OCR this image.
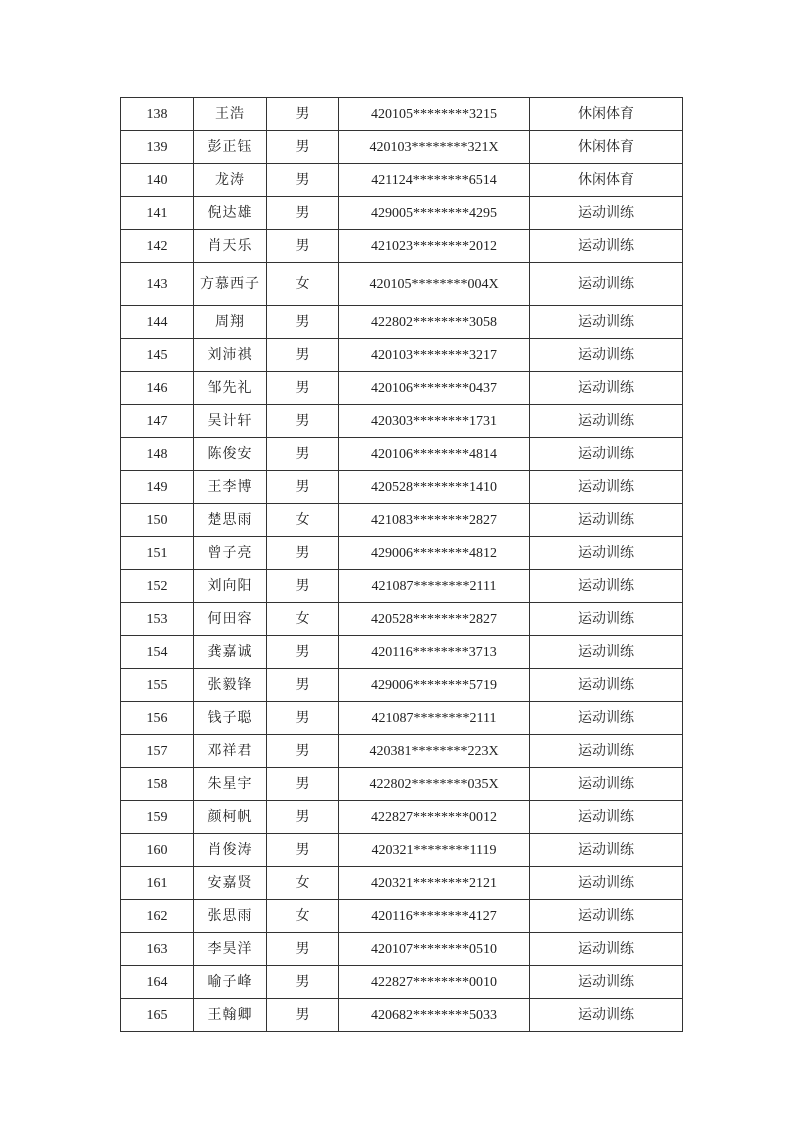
138	王浩	男	420105********3215	休闲体育
139	彭正钰	男	420103********321X	休闲体育
140	龙涛	男	421124********6514	休闲体育
141	倪达雄	男	429005********4295	运动训练
142	肖天乐	男	421023********2012	运动训练
143	方慕西子	女	420105********004X	运动训练
144	周翔	男	422802********3058	运动训练
145	刘沛祺	男	420103********3217	运动训练
146	邹先礼	男	420106********0437	运动训练
147	吴计轩	男	420303********1731	运动训练
148	陈俊安	男	420106********4814	运动训练
149	王李博	男	420528********1410	运动训练
150	楚思雨	女	421083********2827	运动训练
151	曾子亮	男	429006********4812	运动训练
152	刘向阳	男	421087********2111	运动训练
153	何田容	女	420528********2827	运动训练
154	龚嘉诚	男	420116********3713	运动训练
155	张毅锋	男	429006********5719	运动训练
156	钱子聪	男	421087********2111	运动训练
157	邓祥君	男	420381********223X	运动训练
158	朱星宇	男	422802********035X	运动训练
159	颜柯帆	男	422827********0012	运动训练
160	肖俊涛	男	420321********1119	运动训练
161	安嘉贤	女	420321********2121	运动训练
162	张思雨	女	420116********4127	运动训练
163	李昊洋	男	420107********0510	运动训练
164	喻子峰	男	422827********0010	运动训练
165	王翰卿	男	420682********5033	运动训练
